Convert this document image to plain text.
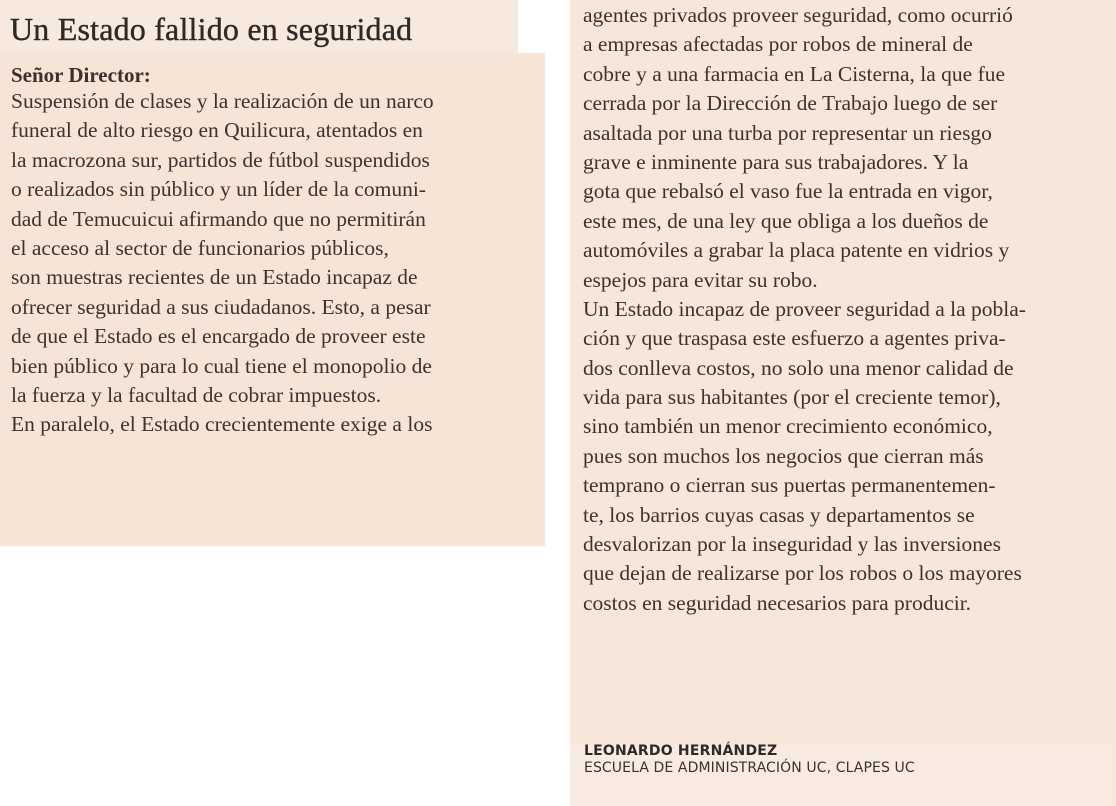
Un Estado fallido en seguridad
Señor Director:
Suspensión de clases y la realización de un narco
funeral de alto riesgo en Quilicura, atentados en
la macrozona sur, partidos de fútbol suspendidos
o realizados sin público y un líder de la comuni-
dad de Temucuicui afirmando que no permitirán
el acceso al sector de funcionarios públicos,
son muestras recientes de un Estado incapaz de
ofrecer seguridad a sus ciudadanos. Esto, a pesar
de que el Estado es el encargado de proveer este
bien público y para lo cual tiene el monopolio de
la fuerza y la facultad de cobrar impuestos.
En paralelo, el Estado crecientemente exige a los
agentes privados proveer seguridad, como ocurrió
a empresas afectadas por robos de mineral de
cobre y a una farmacia en La Cisterna, la que fue
cerrada por la Dirección de Trabajo luego de ser
asaltada por una turba por representar un riesgo
grave e inminente para sus trabajadores. Y la
gota que rebalsó el vaso fue la entrada en vigor,
este mes, de una ley que obliga a los dueños de
automóviles a grabar la placa patente en vidrios y
espejos para evitar su robo.
Un Estado incapaz de proveer seguridad a la pobla-
ción y que traspasa este esfuerzo a agentes priva-
dos conlleva costos, no solo una menor calidad de
vida para sus habitantes (por el creciente temor),
sino también un menor crecimiento económico,
pues son muchos los negocios que cierran más
temprano o cierran sus puertas permanentemen-
te, los barrios cuyas casas y departamentos se
desvalorizan por la inseguridad y las inversiones
que dejan de realizarse por los robos o los mayores
costos en seguridad necesarios para producir.
LEONARDO HERNÁNDEZ
ESCUELA DE ADMINISTRACIÓN UC, CLAPES UC
